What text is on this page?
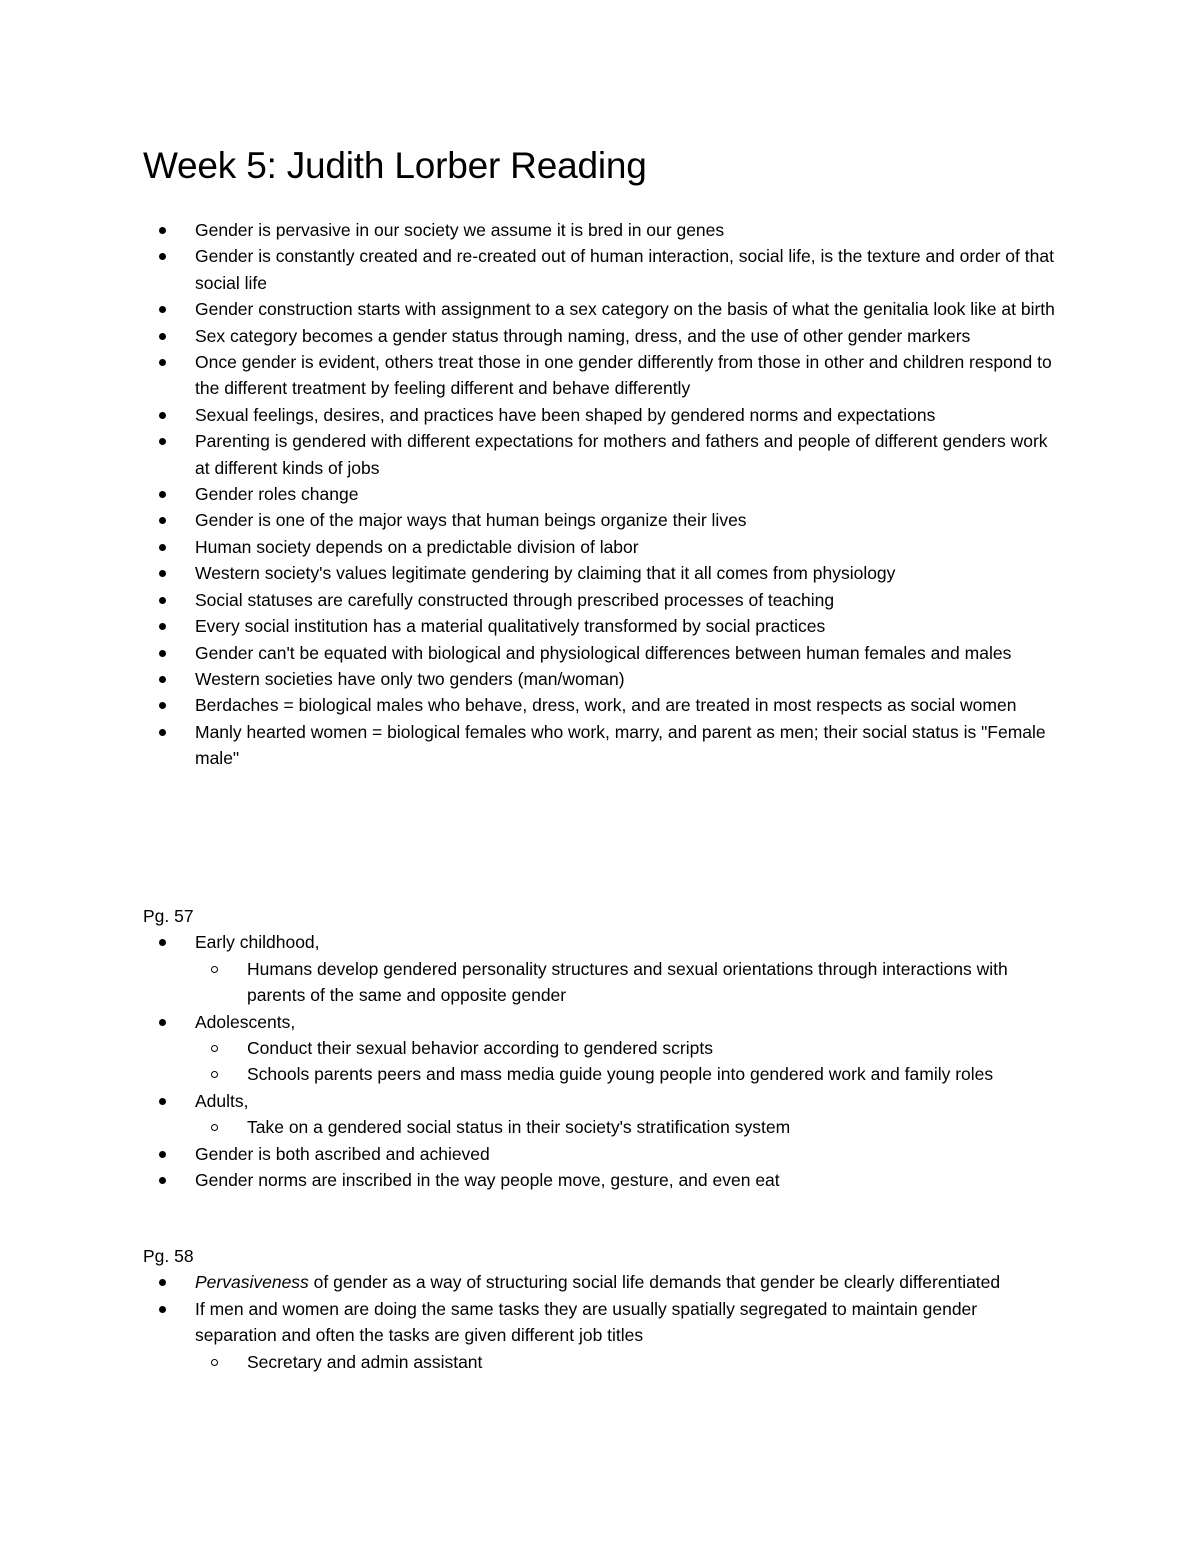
Week 5: Judith Lorber Reading
Gender is pervasive in our society we assume it is bred in our genes
Gender is constantly created and re-created out of human interaction, social life, is the texture and order of that social life
Gender construction starts with assignment to a sex category on the basis of what the genitalia look like at birth
Sex category becomes a gender status through naming, dress, and the use of other gender markers
Once gender is evident, others treat those in one gender differently from those in other and children respond to the different treatment by feeling different and behave differently
Sexual feelings, desires, and practices have been shaped by gendered norms and expectations
Parenting is gendered with different expectations for mothers and fathers and people of different genders work at different kinds of jobs
Gender roles change
Gender is one of the major ways that human beings organize their lives
Human society depends on a predictable division of labor
Western society's values legitimate gendering by claiming that it all comes from physiology
Social statuses are carefully constructed through prescribed processes of teaching
Every social institution has a material qualitatively transformed by social practices
Gender can't be equated with biological and physiological differences between human females and males
Western societies have only two genders (man/woman)
Berdaches = biological males who behave, dress, work, and are treated in most respects as social women
Manly hearted women = biological females who work, marry, and parent as men; their social status is "Female male"

Pg. 57

Early childhood,
Humans develop gendered personality structures and sexual orientations through interactions with parents of the same and opposite gender
Adolescents,
Conduct their sexual behavior according to gendered scripts
Schools parents peers and mass media guide young people into gendered work and family roles
Adults,
Take on a gendered social status in their society's stratification system
Gender is both ascribed and achieved
Gender norms are inscribed in the way people move, gesture, and even eat

Pg. 58

Pervasiveness of gender as a way of structuring social life demands that gender be clearly differentiated
If men and women are doing the same tasks they are usually spatially segregated to maintain gender separation and often the tasks are given different job titles
Secretary and admin assistant
